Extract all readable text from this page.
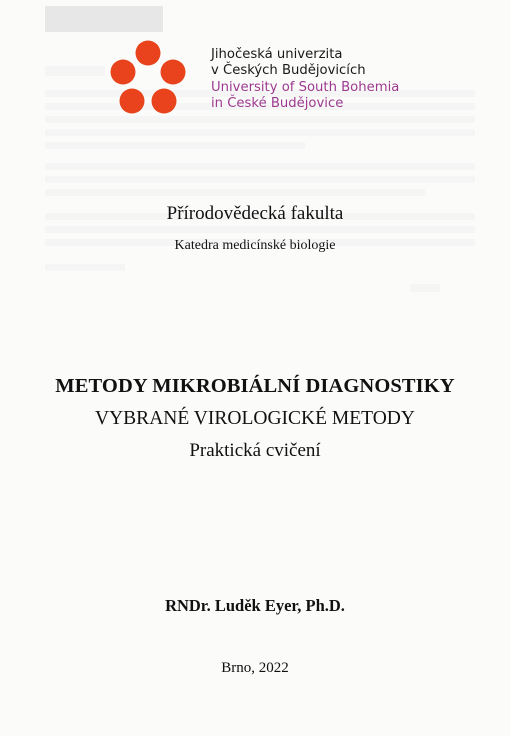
Jihočeská univerzita
v Českých Budějovicích
University of South Bohemia
in České Budějovice
Přírodovědecká fakulta
Katedra medicínské biologie
METODY MIKROBIÁLNÍ DIAGNOSTIKY
VYBRANÉ VIROLOGICKÉ METODY
Praktická cvičení
RNDr. Luděk Eyer, Ph.D.
Brno, 2022
